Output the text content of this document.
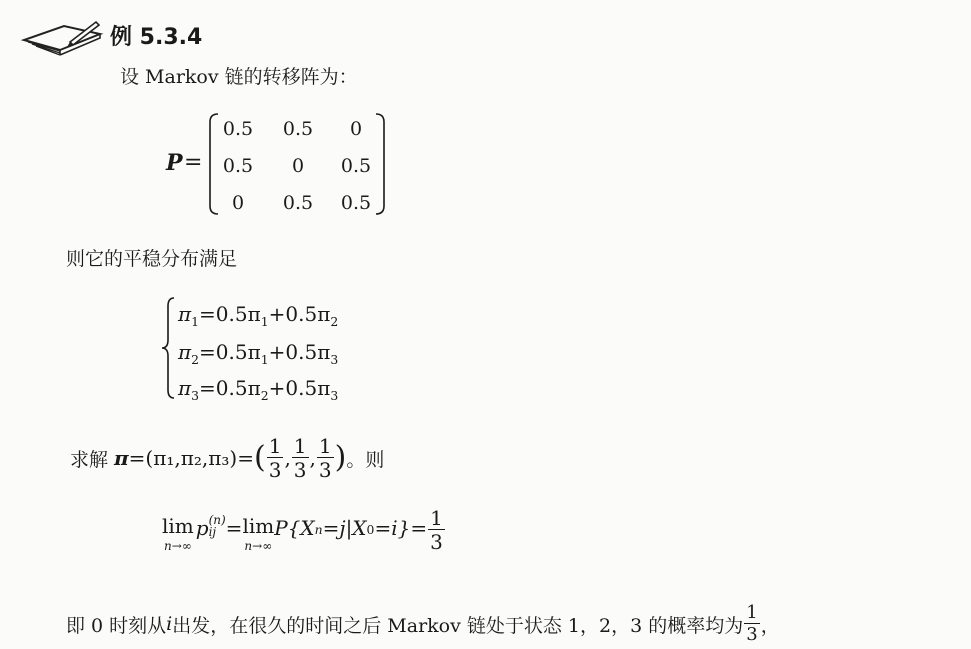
例 5.3.4
设 Markov 链的转移阵为：
P =
0.5	0.5	0
0.5	0	0.5
0	0.5	0.5
则它的平稳分布满足
$\pi_1=0.5\pi_1+0.5\pi_2$
$\pi_2=0.5\pi_1+0.5\pi_3$
$\pi_3=0.5\pi_2+0.5\pi_3$
求解 π =(π₁,π₂,π₃)= ( $\frac{1}{3}$ , $\frac{1}{3}$ , $\frac{1}{3}$ ) 。则
lim
n→∞
p (n)
ij = lim
n→∞
P{X n =j|X $0 =i\}= \frac{1}{3}$
即 0 时刻从 i 出发，在很久的时间之后 Markov 链处于状态 1，2，3 的概率均为 $\frac{1}{3}$ ，
